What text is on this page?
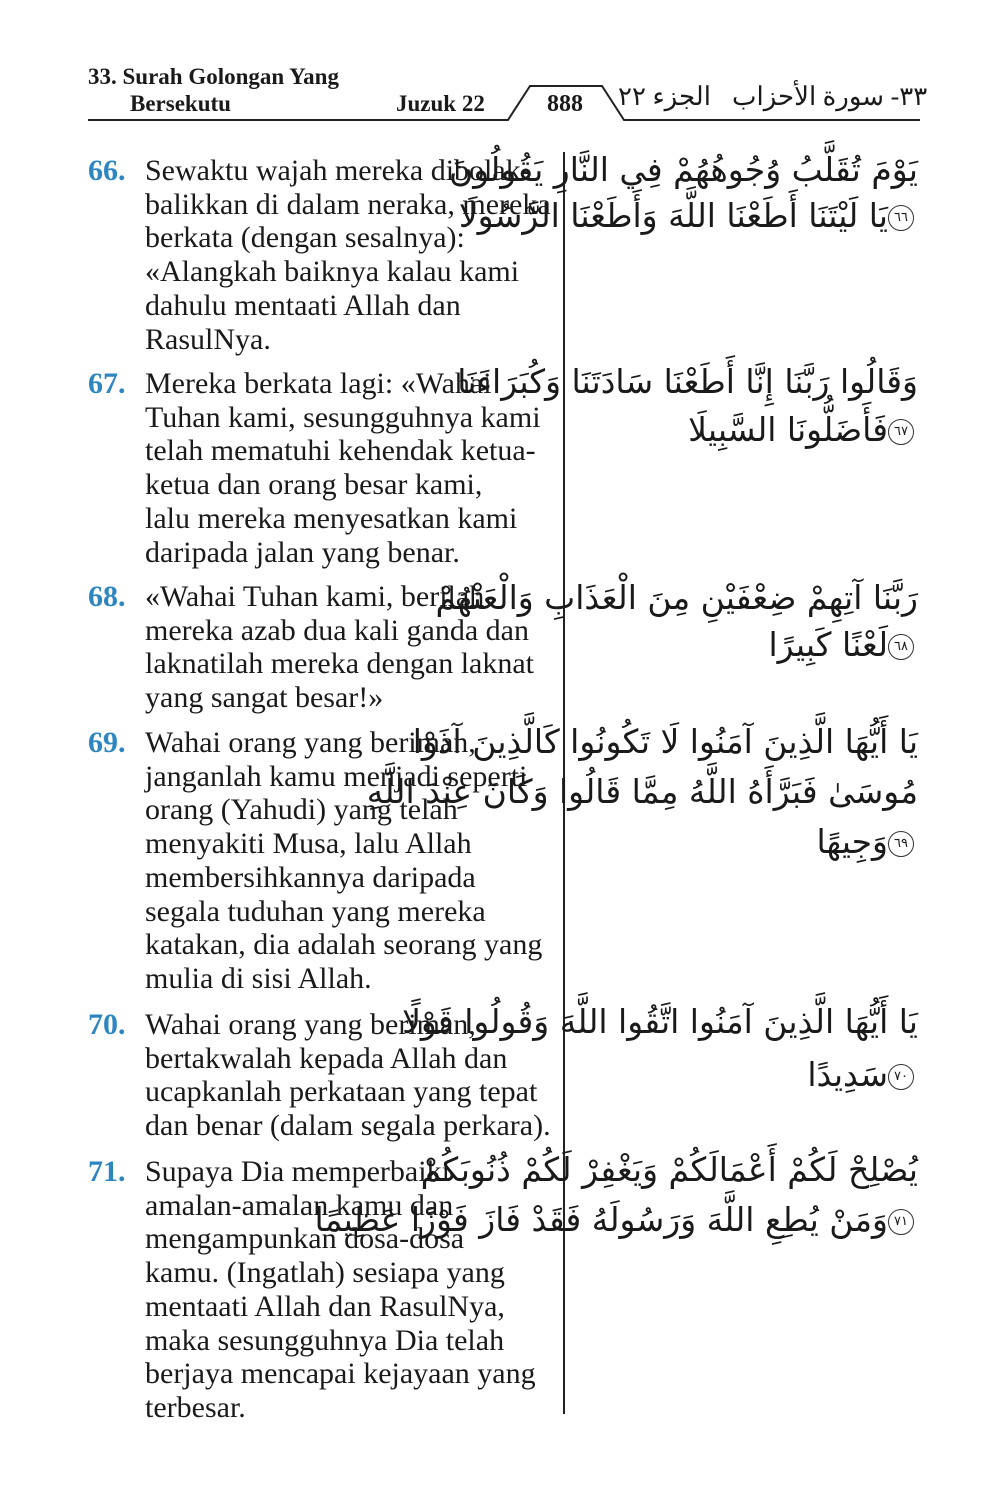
33. Surah Golongan Yang
Bersekutu	Juzuk 22	888	الجزء ٢٢ ٣٣- سورة الأحزاب
66. Sewaktu wajah mereka dibolak-
balikkan di dalam neraka, mereka
berkata (dengan sesalnya):
«Alangkah baiknya kalau kami
dahulu mentaati Allah dan
RasulNya.
يَوْمَ تُقَلَّبُ وُجُوهُهُمْ فِي النَّارِ يَقُولُونَ
٦٦يَا لَيْتَنَا أَطَعْنَا اللَّهَ وَأَطَعْنَا الرَّسُولَا
67. Mereka berkata lagi: «Wahai
Tuhan kami, sesungguhnya kami
telah mematuhi kehendak ketua-
ketua dan orang besar kami,
lalu mereka menyesatkan kami
daripada jalan yang benar.
وَقَالُوا رَبَّنَا إِنَّا أَطَعْنَا سَادَتَنَا وَكُبَرَاءَنَا
٦٧فَأَضَلُّونَا السَّبِيلَا
68. «Wahai Tuhan kami, berilah
mereka azab dua kali ganda dan
laknatilah mereka dengan laknat
yang sangat besar!»
رَبَّنَا آتِهِمْ ضِعْفَيْنِ مِنَ الْعَذَابِ وَالْعَنْهُمْ
٦٨لَعْنًا كَبِيرًا
69. Wahai orang yang beriman,
janganlah kamu menjadi seperti
orang (Yahudi) yang telah
menyakiti Musa, lalu Allah
membersihkannya daripada
segala tuduhan yang mereka
katakan, dia adalah seorang yang
mulia di sisi Allah.
يَا أَيُّهَا الَّذِينَ آمَنُوا لَا تَكُونُوا كَالَّذِينَ آذَوْا
مُوسَىٰ فَبَرَّأَهُ اللَّهُ مِمَّا قَالُوا وَكَانَ عِنْدَ اللَّهِ
٦٩وَجِيهًا
70. Wahai orang yang beriman,
bertakwalah kepada Allah dan
ucapkanlah perkataan yang tepat
dan benar (dalam segala perkara).
يَا أَيُّهَا الَّذِينَ آمَنُوا اتَّقُوا اللَّهَ وَقُولُوا قَوْلًا
٧٠سَدِيدًا
71. Supaya Dia memperbaiki
amalan-amalan kamu dan
mengampunkan dosa-dosa
kamu. (Ingatlah) sesiapa yang
mentaati Allah dan RasulNya,
maka sesungguhnya Dia telah
berjaya mencapai kejayaan yang
terbesar.
يُصْلِحْ لَكُمْ أَعْمَالَكُمْ وَيَغْفِرْ لَكُمْ ذُنُوبَكُمْ
٧١وَمَنْ يُطِعِ اللَّهَ وَرَسُولَهُ فَقَدْ فَازَ فَوْزًا عَظِيمًا
